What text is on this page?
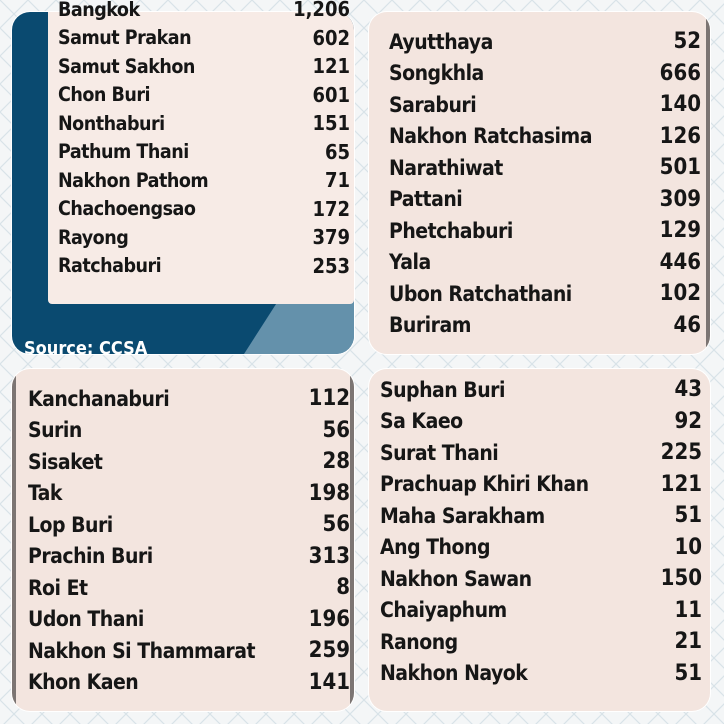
Source: CCSA
Bangkok	1,206
Samut Prakan	602
Samut Sakhon	121
Chon Buri	601
Nonthaburi	151
Pathum Thani	65
Nakhon Pathom	71
Chachoengsao	172
Rayong	379
Ratchaburi	253
Ayutthaya	52
Songkhla	666
Saraburi	140
Nakhon Ratchasima	126
Narathiwat	501
Pattani	309
Phetchaburi	129
Yala	446
Ubon Ratchathani	102
Buriram	46
Kanchanaburi	112
Surin	56
Sisaket	28
Tak	198
Lop Buri	56
Prachin Buri	313
Roi Et	8
Udon Thani	196
Nakhon Si Thammarat 259
Khon Kaen	141
Suphan Buri	43
Sa Kaeo	92
Surat Thani	225
Prachuap Khiri Khan	121
Maha Sarakham	51
Ang Thong	10
Nakhon Sawan	150
Chaiyaphum	11
Ranong	21
Nakhon Nayok	51
